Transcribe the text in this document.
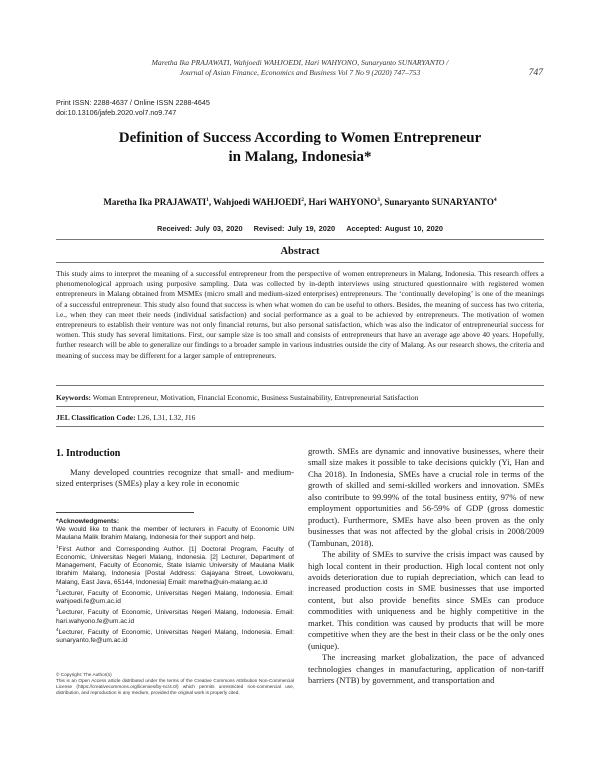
Maretha Ika PRAJAWATI, Wahjoedi WAHJOEDI, Hari WAHYONO, Sunaryanto SUNARYANTO /
Journal of Asian Finance, Economics and Business Vol 7 No 9 (2020) 747–753	747
Print ISSN: 2288-4637 / Online ISSN 2288-4645
doi:10.13106/jafeb.2020.vol7.no9.747
Definition of Success According to Women Entrepreneur
in Malang, Indonesia*
Maretha Ika PRAJAWATI$^1$, Wahjoedi WAHJOEDI$^2$, Hari WAHYONO$^3$, Sunaryanto SUNARYANTO$^4$
Received: July 03, 2020 Revised: July 19, 2020 Accepted: August 10, 2020
Abstract
This study aims to interpret the meaning of a successful entrepreneur from the perspective of women entrepreneurs in Malang, Indonesia. This research offers a phenomenological approach using purposive sampling. Data was collected by in-depth interviews using structured questionnaire with registered women entrepreneurs in Malang obtained from MSMEs (micro small and medium-sized enterprises) entrepreneurs. The ‘continually developing’ is one of the meanings of a successful entrepreneur. This study also found that success is when what women do can be useful to others. Besides, the meaning of success has two criteria, i.e., when they can meet their needs (individual satisfaction) and social performance as a goal to be achieved by entrepreneurs. The motivation of women entrepreneurs to establish their venture was not only financial returns, but also personal satisfaction, which was also the indicator of entrepreneurial success for women. This study has several limitations. First, our sample size is too small and consists of entrepreneurs that have an average age above 40 years. Hopefully, further research will be able to generalize our findings to a broader sample in various industries outside the city of Malang. As our research shows, the criteria and meaning of success may be different for a larger sample of entrepreneurs.
Keywords: Woman Entrepreneur, Motivation, Financial Economic, Business Sustainability, Entrepreneurial Satisfaction
JEL Classification Code: L26, L31, L32, J16
1. Introduction
Many developed countries recognize that small- and medium-sized enterprises (SMEs) play a key role in economic
*Acknowledgments:
We would like to thank the member of lecturers in Faculty of Economic UIN Maulana Malik Ibrahim Malang, Indonesia for their support and help.
$^1$First Author and Corresponding Author. [1] Doctoral Program, Faculty of Economic, Universitas Negeri Malang, Indonesia. [2] Lecturer, Department of Management, Faculty of Economic, State Islamic University of Maulana Malik Ibrahim Malang, Indonesia [Postal Address: Gajayana Street, Lowokwaru, Malang, East Java, 65144, Indonesia] Email: maretha@uin-malang.ac.id
$^2$Lecturer, Faculty of Economic, Universitas Negeri Malang, Indonesia. Email: wahjoedi.fe@um.ac.id
$^3$Lecturer, Faculty of Economic, Universitas Negeri Malang, Indonesia. Email: hari.wahyono.fe@um.ac.id
$^4$Lecturer, Faculty of Economic, Universitas Negeri Malang, Indonesia. Email: sunaryanto.fe@um.ac.id
© Copyright: The Author(s)
This is an Open Access article distributed under the terms of the Creative Commons Attribution Non-Commercial License (https://creativecommons.org/licenses/by-nc/4.0/) which permits unrestricted non-commercial use, distribution, and reproduction in any medium, provided the original work is properly cited.

growth. SMEs are dynamic and innovative businesses, where their small size makes it possible to take decisions quickly (Yi, Han and Cha 2018). In Indonesia, SMEs have a crucial role in terms of the growth of skilled and semi-skilled workers and innovation. SMEs also contribute to 99.99% of the total business entity, 97% of new employment opportunities and 56-59% of GDP (gross domestic product). Furthermore, SMEs have also been proven as the only businesses that was not affected by the global crisis in 2008/2009 (Tambunan, 2018).

The ability of SMEs to survive the crisis impact was caused by high local content in their production. High local content not only avoids deterioration due to rupiah depreciation, which can lead to increased production costs in SME businesses that use imported content, but also provide benefits since SMEs can produce commodities with uniqueness and be highly competitive in the market. This condition was caused by products that will be more competitive when they are the best in their class or be the only ones (unique).

The increasing market globalization, the pace of advanced technologies changes in manufacturing, application of non-tariff barriers (NTB) by government, and transportation and
